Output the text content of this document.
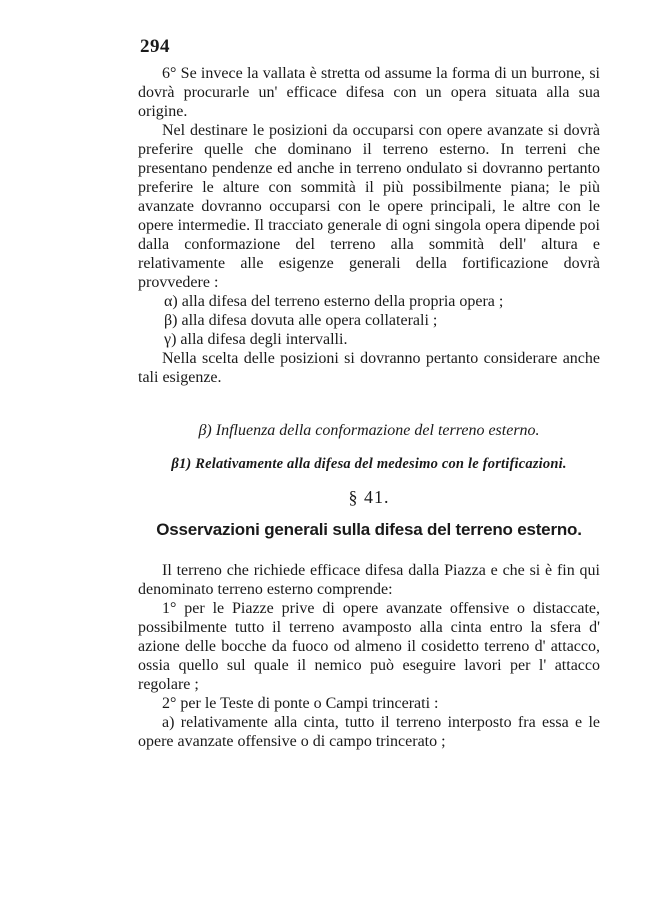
294

6° Se invece la vallata è stretta od assume la forma di un burrone, si dovrà procurarle un' efficace difesa con un opera situata alla sua origine.

Nel destinare le posizioni da occuparsi con opere avanzate si dovrà preferire quelle che dominano il terreno esterno. In terreni che presentano pendenze ed anche in terreno ondulato si dovranno pertanto preferire le alture con sommità il più possibilmente piana; le più avanzate dovranno occuparsi con le opere principali, le altre con le opere intermedie. Il tracciato generale di ogni singola opera dipende poi dalla conformazione del terreno alla sommità dell' altura e relativamente alle esigenze generali della fortificazione dovrà provvedere :

α) alla difesa del terreno esterno della propria opera ;

β) alla difesa dovuta alle opera collaterali ;

γ) alla difesa degli intervalli.

Nella scelta delle posizioni si dovranno pertanto considerare anche tali esigenze.

β) Influenza della conformazione del terreno esterno.
β1) Relativamente alla difesa del medesimo con le fortificazioni.
§ 41.
Osservazioni generali sulla difesa del terreno esterno.

Il terreno che richiede efficace difesa dalla Piazza e che si è fin qui denominato terreno esterno comprende:

1° per le Piazze prive di opere avanzate offensive o distaccate, possibilmente tutto il terreno avamposto alla cinta entro la sfera d' azione delle bocche da fuoco od almeno il cosidetto terreno d' attacco, ossia quello sul quale il nemico può eseguire lavori per l' attacco regolare ;

2° per le Teste di ponte o Campi trincerati :

a) relativamente alla cinta, tutto il terreno interposto fra essa e le opere avanzate offensive o di campo trincerato ;
